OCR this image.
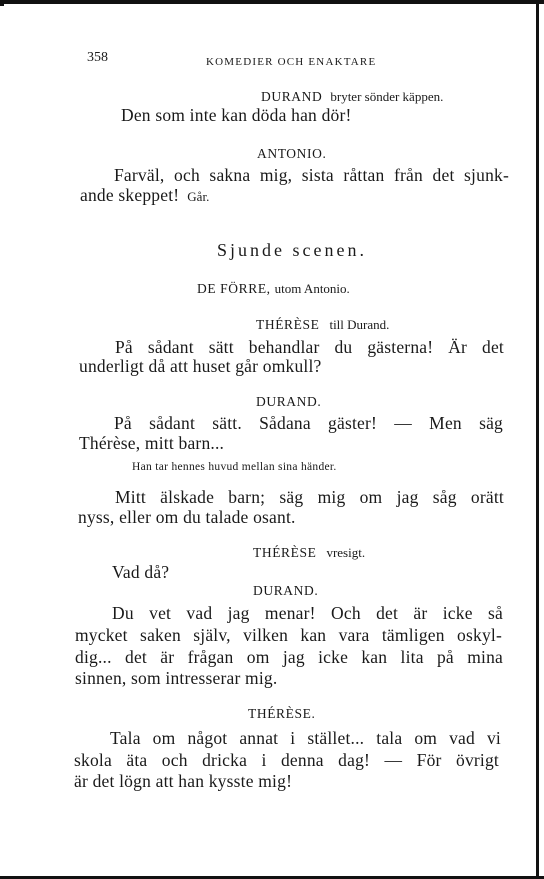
358	KOMEDIER OCH ENAKTARE
DURAND bryter sönder käppen.
Den som inte kan döda han dör!
ANTONIO.
Farväl, och sakna mig, sista råttan från det sjunk-
ande skeppet! Går.
Sjunde scenen.
DE FÖRRE, utom Antonio.
THÉRÈSE till Durand.
På sådant sätt behandlar du gästerna! Är det
underligt då att huset går omkull?
DURAND.
På sådant sätt. Sådana gäster! — Men säg
Thérèse, mitt barn...
Han tar hennes huvud mellan sina händer.
Mitt älskade barn; säg mig om jag såg orätt
nyss, eller om du talade osant.
THÉRÈSE vresigt.
Vad då?
DURAND.
Du vet vad jag menar! Och det är icke så
mycket saken själv, vilken kan vara tämligen oskyl-
dig... det är frågan om jag icke kan lita på mina
sinnen, som intresserar mig.
THÉRÈSE.
Tala om något annat i stället... tala om vad vi
skola äta och dricka i denna dag! — För övrigt
är det lögn att han kysste mig!
